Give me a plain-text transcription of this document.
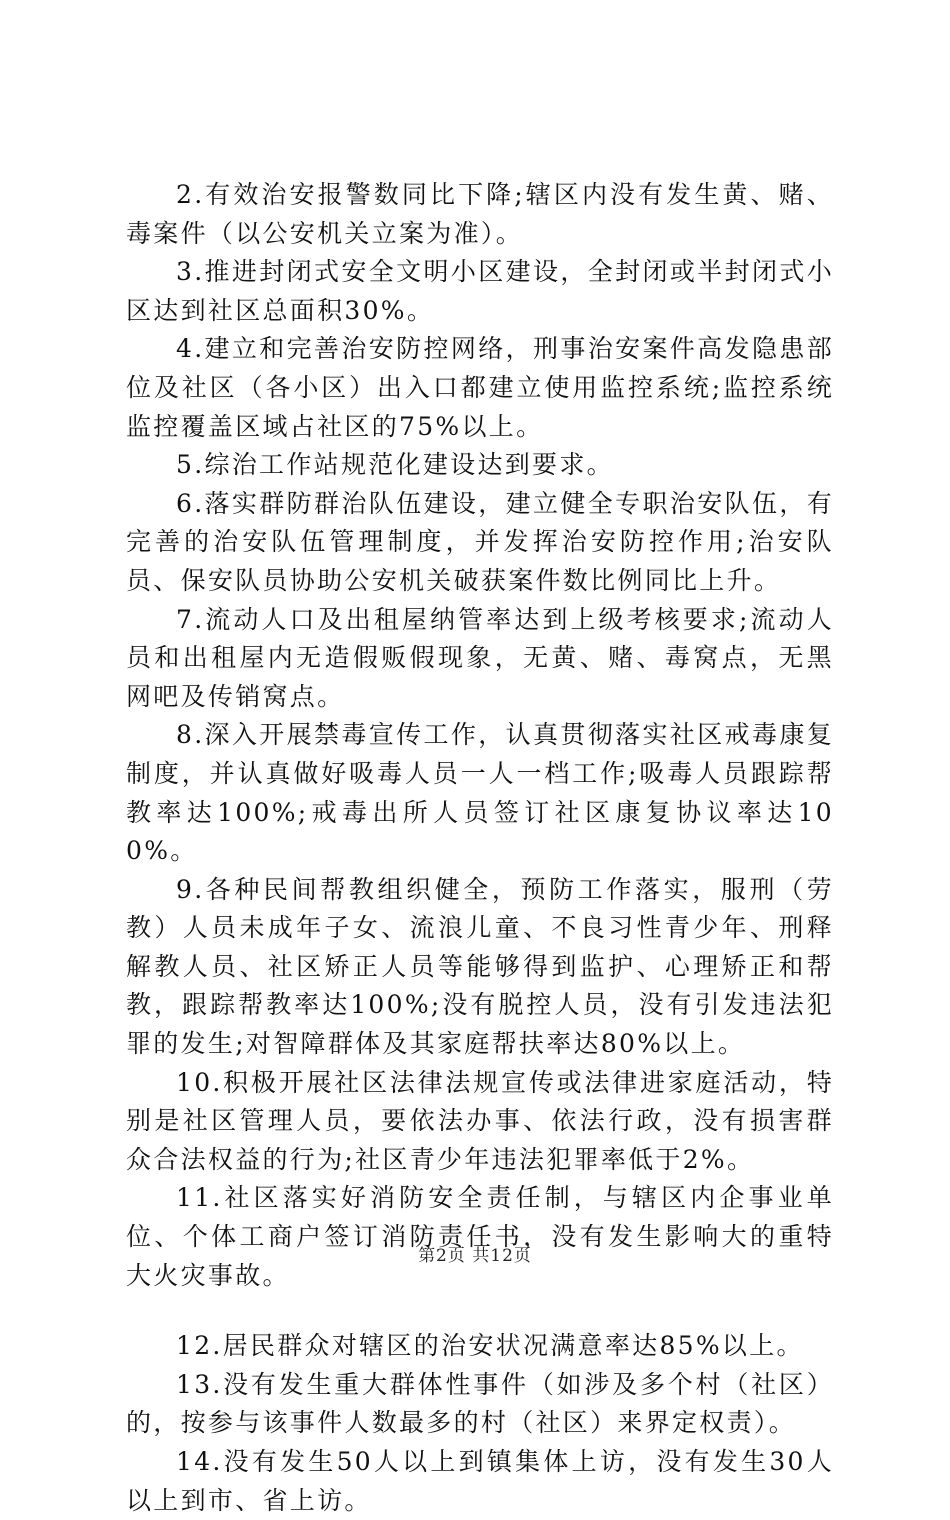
2.有效治安报警数同比下降;辖区内没有发生黄、赌、毒案件（以公安机关立案为准）。

3.推进封闭式安全文明小区建设，全封闭或半封闭式小区达到社区总面积30%。

4.建立和完善治安防控网络，刑事治安案件高发隐患部位及社区（各小区）出入口都建立使用监控系统;监控系统监控覆盖区域占社区的75%以上。

5.综治工作站规范化建设达到要求。

6.落实群防群治队伍建设，建立健全专职治安队伍，有完善的治安队伍管理制度，并发挥治安防控作用;治安队员、保安队员协助公安机关破获案件数比例同比上升。

7.流动人口及出租屋纳管率达到上级考核要求;流动人员和出租屋内无造假贩假现象，无黄、赌、毒窝点，无黑网吧及传销窝点。

8.深入开展禁毒宣传工作，认真贯彻落实社区戒毒康复制度，并认真做好吸毒人员一人一档工作;吸毒人员跟踪帮教率达100%;戒毒出所人员签订社区康复协议率达100%。

9.各种民间帮教组织健全，预防工作落实，服刑（劳教）人员未成年子女、流浪儿童、不良习性青少年、刑释解教人员、社区矫正人员等能够得到监护、心理矫正和帮教，跟踪帮教率达100%;没有脱控人员，没有引发违法犯罪的发生;对智障群体及其家庭帮扶率达80%以上。

10.积极开展社区法律法规宣传或法律进家庭活动，特别是社区管理人员，要依法办事、依法行政，没有损害群众合法权益的行为;社区青少年违法犯罪率低于2%。

11.社区落实好消防安全责任制，与辖区内企事业单位、个体工商户签订消防责任书，没有发生影响大的重特大火灾事故。

12.居民群众对辖区的治安状况满意率达85%以上。

13.没有发生重大群体性事件（如涉及多个村（社区）的，按参与该事件人数最多的村（社区）来界定权责）。

14.没有发生50人以上到镇集体上访，没有发生30人以上到市、省上访。

第2页 共12页
